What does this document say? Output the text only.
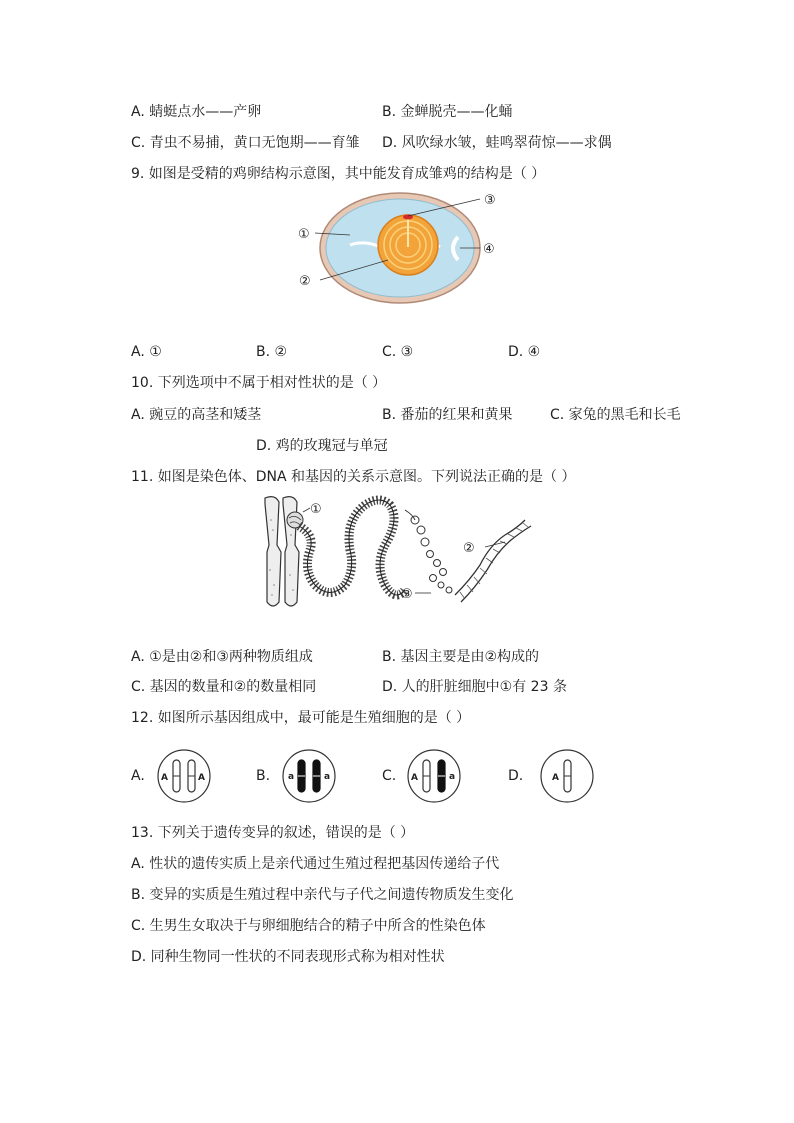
A. 蜻蜓点水——产卵	B. 金蝉脱壳——化蛹
C. 青虫不易捕，黄口无饱期——育雏 D. 风吹绿水皱，蛙鸣翠荷惊——求偶
9. 如图是受精的鸡卵结构示意图，其中能发育成雏鸡的结构是（ ）
③
①
②
④
A. ①	B. ②	C. ③	D. ④
10. 下列选项中不属于相对性状的是（ ）
A. 豌豆的高茎和矮茎	B. 番茄的红果和黄果	C. 家兔的黑毛和长毛
D. 鸡的玫瑰冠与单冠
11. 如图是染色体、DNA 和基因的关系示意图。下列说法正确的是（ ）
①
③
②
A. ①是由②和③两种物质组成	B. 基因主要是由②构成的
C. 基因的数量和②的数量相同	D. 人的肝脏细胞中①有 23 条
12. 如图所示基因组成中，最可能是生殖细胞的是（ ）
A. A	A	B. a	a	C. A	a	D.	A
13. 下列关于遗传变异的叙述，错误的是（ ）
A. 性状的遗传实质上是亲代通过生殖过程把基因传递给子代
B. 变异的实质是生殖过程中亲代与子代之间遗传物质发生变化
C. 生男生女取决于与卵细胞结合的精子中所含的性染色体
D. 同种生物同一性状的不同表现形式称为相对性状
